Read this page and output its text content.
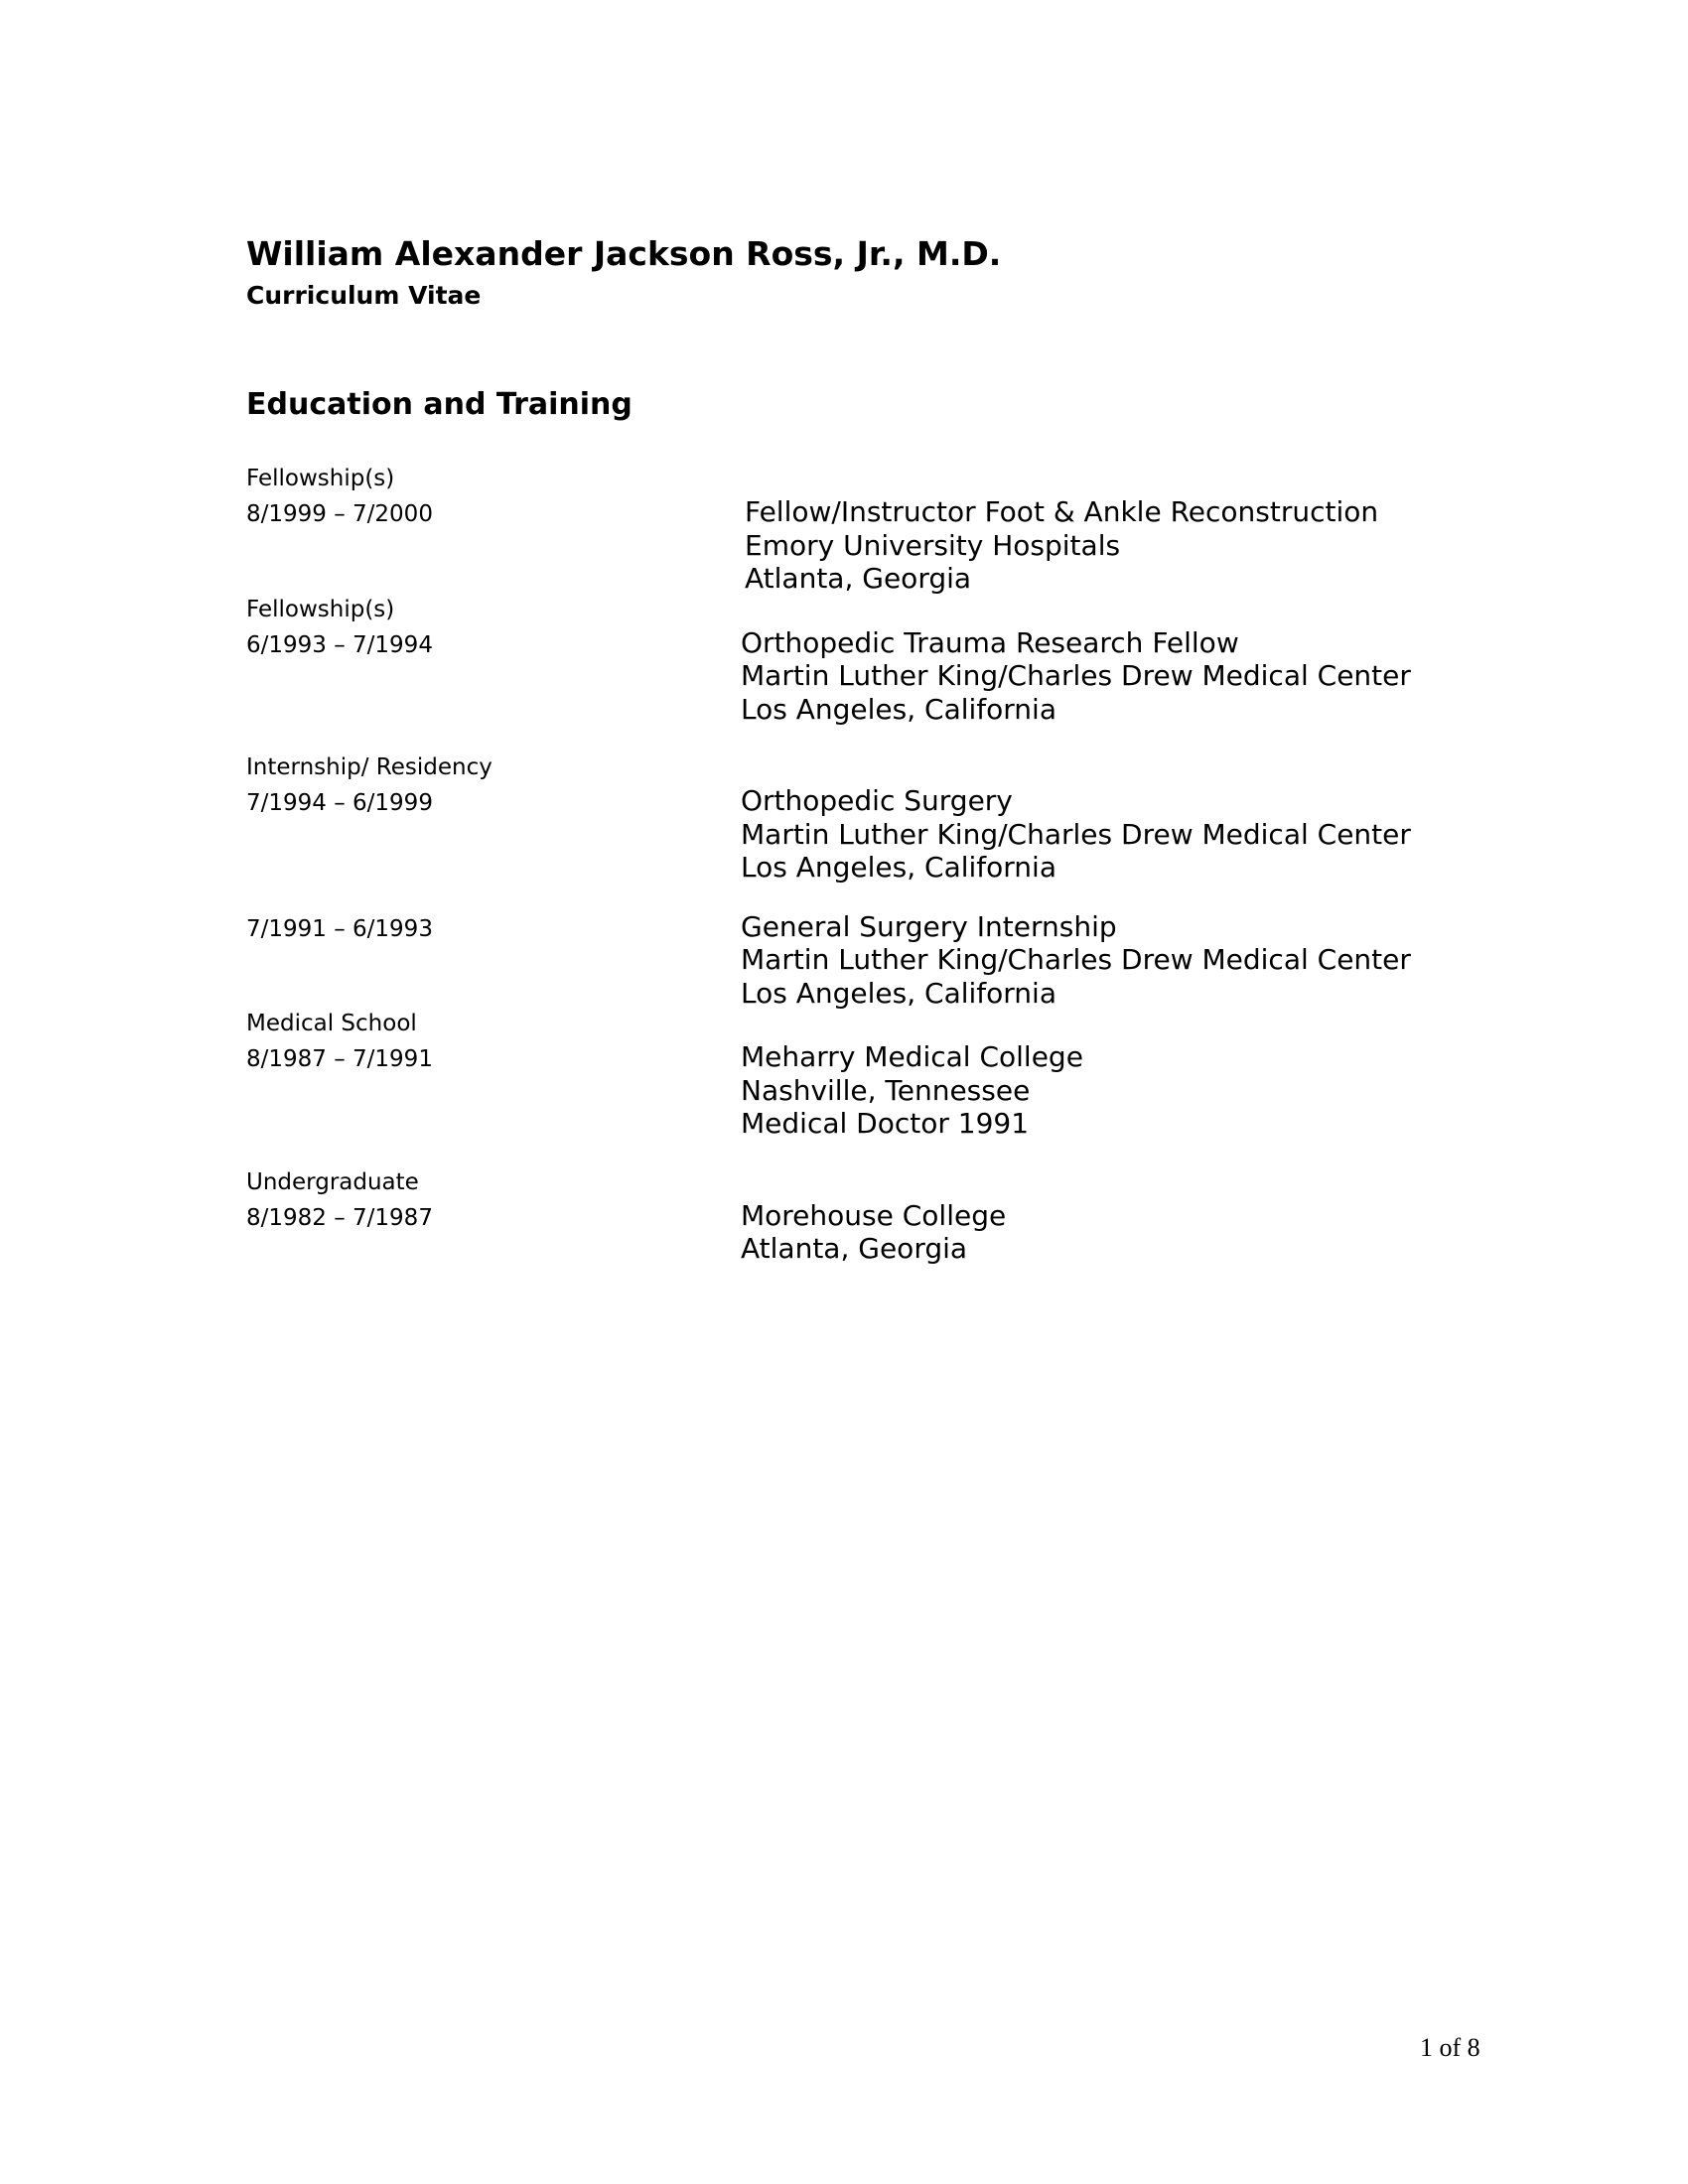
William Alexander Jackson Ross, Jr., M.D.
Curriculum Vitae
Education and Training
Fellowship(s)
8/1999 – 7/2000	Fellow/Instructor Foot & Ankle Reconstruction
Emory University Hospitals
Atlanta, Georgia
Fellowship(s)
6/1993 – 7/1994	Orthopedic Trauma Research Fellow
Martin Luther King/Charles Drew Medical Center
Los Angeles, California
Internship/ Residency
7/1994 – 6/1999	Orthopedic Surgery
Martin Luther King/Charles Drew Medical Center
Los Angeles, California
7/1991 – 6/1993	General Surgery Internship
Martin Luther King/Charles Drew Medical Center
Los Angeles, California
Medical School
8/1987 – 7/1991	Meharry Medical College
Nashville, Tennessee
Medical Doctor 1991
Undergraduate
8/1982 – 7/1987	Morehouse College
Atlanta, Georgia
1 of 8
